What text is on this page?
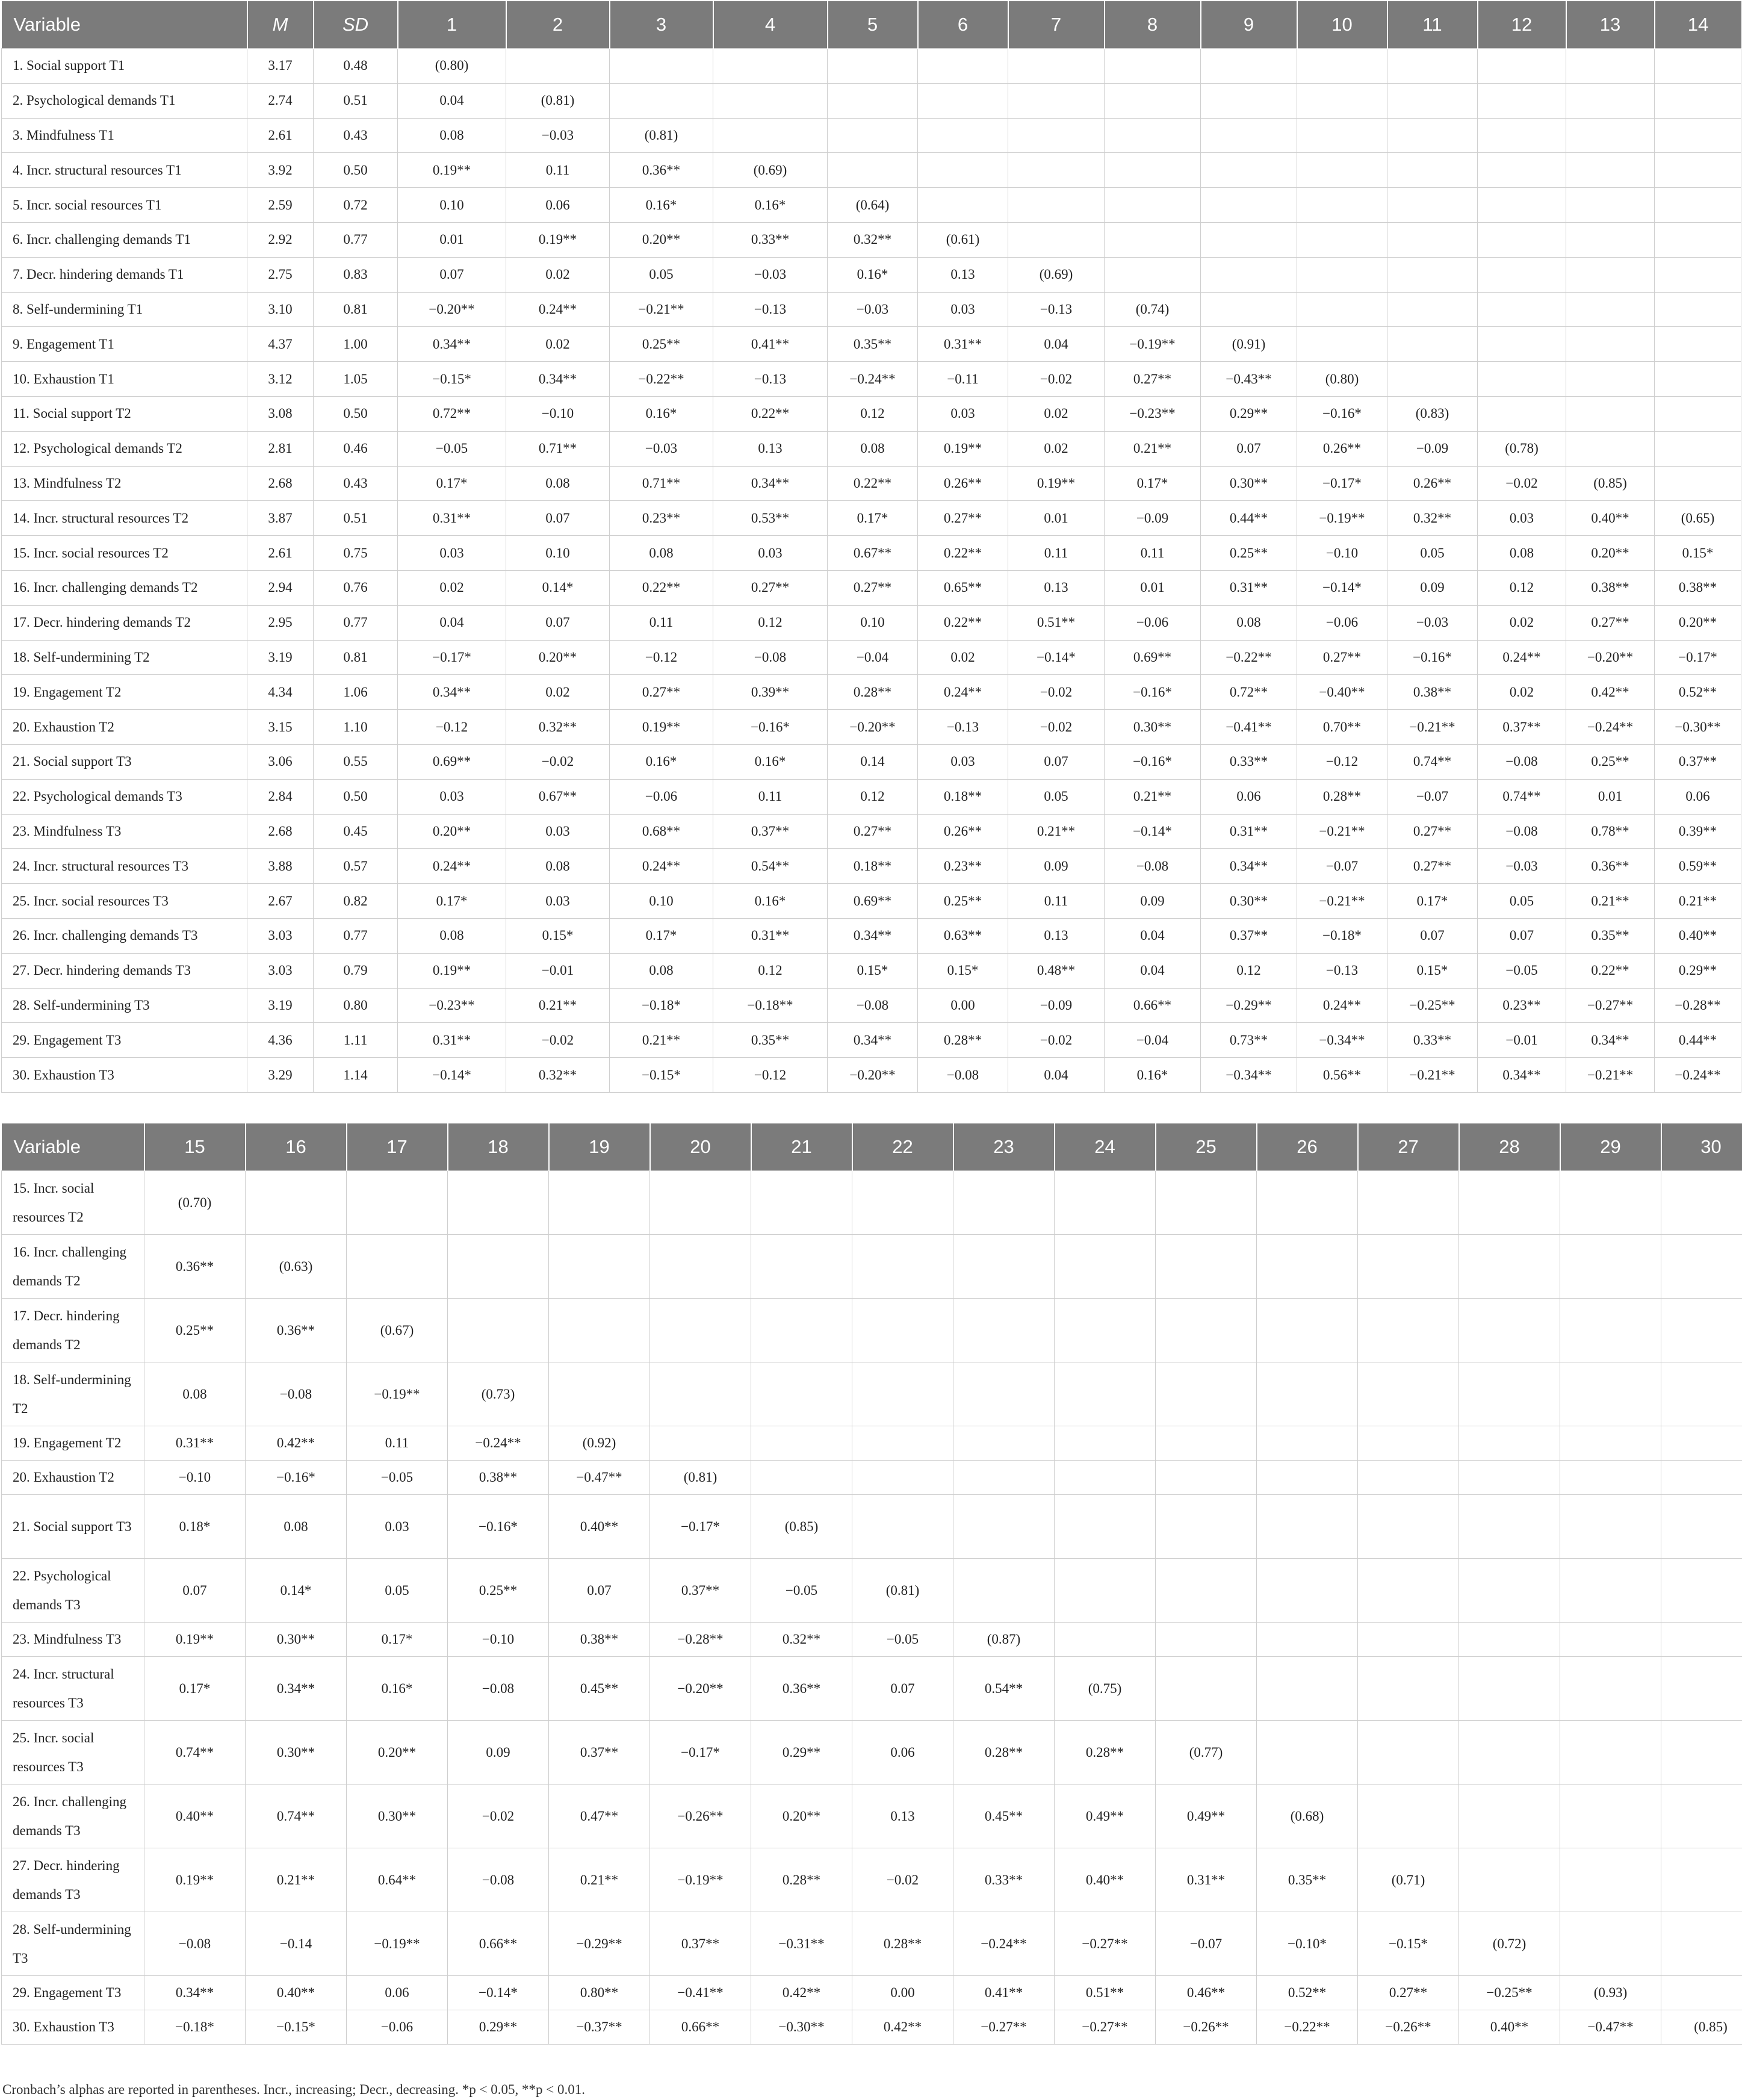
Variable	M	SD	1	2	3	4	5	6	7	8	9	10	11	12	13	14
1. Social support T1	3.17	0.48	(0.80)													
2. Psychological demands T1	2.74	0.51	0.04	(0.81)												
3. Mindfulness T1	2.61	0.43	0.08	−0.03	(0.81)											
4. Incr. structural resources T1	3.92	0.50	0.19**	0.11	0.36**	(0.69)										
5. Incr. social resources T1	2.59	0.72	0.10	0.06	0.16*	0.16*	(0.64)									
6. Incr. challenging demands T1	2.92	0.77	0.01	0.19**	0.20**	0.33**	0.32**	(0.61)								
7. Decr. hindering demands T1	2.75	0.83	0.07	0.02	0.05	−0.03	0.16*	0.13	(0.69)							
8. Self-undermining T1	3.10	0.81	−0.20**	0.24**	−0.21**	−0.13	−0.03	0.03	−0.13	(0.74)						
9. Engagement T1	4.37	1.00	0.34**	0.02	0.25**	0.41**	0.35**	0.31**	0.04	−0.19**	(0.91)					
10. Exhaustion T1	3.12	1.05	−0.15*	0.34**	−0.22**	−0.13	−0.24**	−0.11	−0.02	0.27**	−0.43**	(0.80)				
11. Social support T2	3.08	0.50	0.72**	−0.10	0.16*	0.22**	0.12	0.03	0.02	−0.23**	0.29**	−0.16*	(0.83)			
12. Psychological demands T2	2.81	0.46	−0.05	0.71**	−0.03	0.13	0.08	0.19**	0.02	0.21**	0.07	0.26**	−0.09	(0.78)		
13. Mindfulness T2	2.68	0.43	0.17*	0.08	0.71**	0.34**	0.22**	0.26**	0.19**	0.17*	0.30**	−0.17*	0.26**	−0.02	(0.85)	
14. Incr. structural resources T2	3.87	0.51	0.31**	0.07	0.23**	0.53**	0.17*	0.27**	0.01	−0.09	0.44**	−0.19**	0.32**	0.03	0.40**	(0.65)
15. Incr. social resources T2	2.61	0.75	0.03	0.10	0.08	0.03	0.67**	0.22**	0.11	0.11	0.25**	−0.10	0.05	0.08	0.20**	0.15*
16. Incr. challenging demands T2	2.94	0.76	0.02	0.14*	0.22**	0.27**	0.27**	0.65**	0.13	0.01	0.31**	−0.14*	0.09	0.12	0.38**	0.38**
17. Decr. hindering demands T2	2.95	0.77	0.04	0.07	0.11	0.12	0.10	0.22**	0.51**	−0.06	0.08	−0.06	−0.03	0.02	0.27**	0.20**
18. Self-undermining T2	3.19	0.81	−0.17*	0.20**	−0.12	−0.08	−0.04	0.02	−0.14*	0.69**	−0.22**	0.27**	−0.16*	0.24**	−0.20**	−0.17*
19. Engagement T2	4.34	1.06	0.34**	0.02	0.27**	0.39**	0.28**	0.24**	−0.02	−0.16*	0.72**	−0.40**	0.38**	0.02	0.42**	0.52**
20. Exhaustion T2	3.15	1.10	−0.12	0.32**	0.19**	−0.16*	−0.20**	−0.13	−0.02	0.30**	−0.41**	0.70**	−0.21**	0.37**	−0.24**	−0.30**
21. Social support T3	3.06	0.55	0.69**	−0.02	0.16*	0.16*	0.14	0.03	0.07	−0.16*	0.33**	−0.12	0.74**	−0.08	0.25**	0.37**
22. Psychological demands T3	2.84	0.50	0.03	0.67**	−0.06	0.11	0.12	0.18**	0.05	0.21**	0.06	0.28**	−0.07	0.74**	0.01	0.06
23. Mindfulness T3	2.68	0.45	0.20**	0.03	0.68**	0.37**	0.27**	0.26**	0.21**	−0.14*	0.31**	−0.21**	0.27**	−0.08	0.78**	0.39**
24. Incr. structural resources T3	3.88	0.57	0.24**	0.08	0.24**	0.54**	0.18**	0.23**	0.09	−0.08	0.34**	−0.07	0.27**	−0.03	0.36**	0.59**
25. Incr. social resources T3	2.67	0.82	0.17*	0.03	0.10	0.16*	0.69**	0.25**	0.11	0.09	0.30**	−0.21**	0.17*	0.05	0.21**	0.21**
26. Incr. challenging demands T3	3.03	0.77	0.08	0.15*	0.17*	0.31**	0.34**	0.63**	0.13	0.04	0.37**	−0.18*	0.07	0.07	0.35**	0.40**
27. Decr. hindering demands T3	3.03	0.79	0.19**	−0.01	0.08	0.12	0.15*	0.15*	0.48**	0.04	0.12	−0.13	0.15*	−0.05	0.22**	0.29**
28. Self-undermining T3	3.19	0.80	−0.23**	0.21**	−0.18*	−0.18**	−0.08	0.00	−0.09	0.66**	−0.29**	0.24**	−0.25**	0.23**	−0.27**	−0.28**
29. Engagement T3	4.36	1.11	0.31**	−0.02	0.21**	0.35**	0.34**	0.28**	−0.02	−0.04	0.73**	−0.34**	0.33**	−0.01	0.34**	0.44**
30. Exhaustion T3	3.29	1.14	−0.14*	0.32**	−0.15*	−0.12	−0.20**	−0.08	0.04	0.16*	−0.34**	0.56**	−0.21**	0.34**	−0.21**	−0.24**
Variable	15	16	17	18	19	20	21	22	23	24	25	26	27	28	29	30
15. Incr. social resources T2	(0.70)															
16. Incr. challenging demands T2	0.36**	(0.63)														
17. Decr. hindering demands T2	0.25**	0.36**	(0.67)													
18. Self-undermining T2	0.08	−0.08	−0.19**	(0.73)												
19. Engagement T2	0.31**	0.42**	0.11	−0.24**	(0.92)											
20. Exhaustion T2	−0.10	−0.16*	−0.05	0.38**	−0.47**	(0.81)										
21. Social support T3	0.18*	0.08	0.03	−0.16*	0.40**	−0.17*	(0.85)									
22. Psychological demands T3	0.07	0.14*	0.05	0.25**	0.07	0.37**	−0.05	(0.81)								
23. Mindfulness T3	0.19**	0.30**	0.17*	−0.10	0.38**	−0.28**	0.32**	−0.05	(0.87)							
24. Incr. structural resources T3	0.17*	0.34**	0.16*	−0.08	0.45**	−0.20**	0.36**	0.07	0.54**	(0.75)						
25. Incr. social resources T3	0.74**	0.30**	0.20**	0.09	0.37**	−0.17*	0.29**	0.06	0.28**	0.28**	(0.77)					
26. Incr. challenging demands T3	0.40**	0.74**	0.30**	−0.02	0.47**	−0.26**	0.20**	0.13	0.45**	0.49**	0.49**	(0.68)				
27. Decr. hindering demands T3	0.19**	0.21**	0.64**	−0.08	0.21**	−0.19**	0.28**	−0.02	0.33**	0.40**	0.31**	0.35**	(0.71)			
28. Self-undermining T3	−0.08	−0.14	−0.19**	0.66**	−0.29**	0.37**	−0.31**	0.28**	−0.24**	−0.27**	−0.07	−0.10*	−0.15*	(0.72)		
29. Engagement T3	0.34**	0.40**	0.06	−0.14*	0.80**	−0.41**	0.42**	0.00	0.41**	0.51**	0.46**	0.52**	0.27**	−0.25**	(0.93)	
30. Exhaustion T3	−0.18*	−0.15*	−0.06	0.29**	−0.37**	0.66**	−0.30**	0.42**	−0.27**	−0.27**	−0.26**	−0.22**	−0.26**	0.40**	−0.47**	(0.85)
Cronbach’s alphas are reported in parentheses. Incr., increasing; Decr., decreasing. *p < 0.05, **p < 0.01.
